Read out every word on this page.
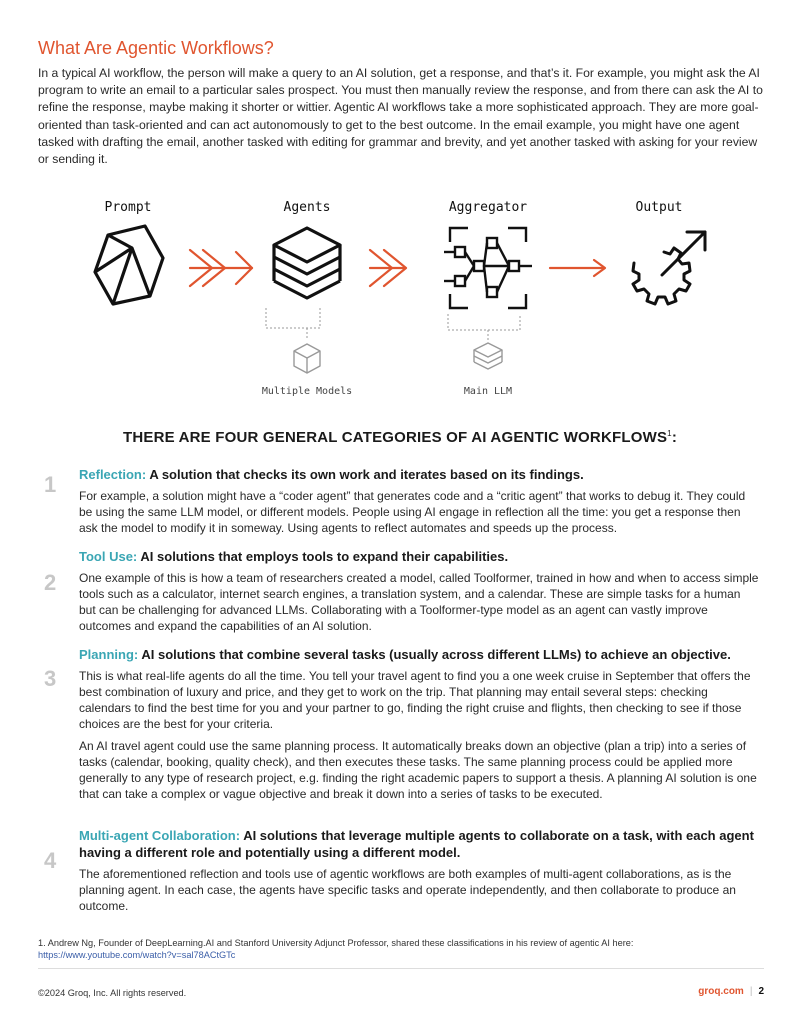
What Are Agentic Workflows?

In a typical AI workflow, the person will make a query to an AI solution, get a response, and that’s it. For example, you might ask the AI program to write an email to a particular sales prospect. You must then manually review the response, and from there can ask the AI to refine the response, maybe making it shorter or wittier. Agentic AI workflows take a more sophisticated approach. They are more goal-oriented than task-oriented and can act autonomously to get to the best outcome. In the email example, you might have one agent tasked with drafting the email, another tasked with editing for grammar and brevity, and yet another tasked with asking for your review or sending it.

Prompt	Agents	Aggregator	Output
Multiple Models	Main LLM
THERE ARE FOUR GENERAL CATEGORIES OF AI AGENTIC WORKFLOWS$^1$:
1 Reflection: A solution that checks its own work and iterates based on its findings.

For example, a solution might have a “coder agent” that generates code and a “critic agent” that works to debug it. They could be using the same LLM model, or different models. People using AI engage in reflection all the time: you get a response then ask the model to modify it in someway. Using agents to reflect automates and speeds up the process.

2
Tool Use: AI solutions that employs tools to expand their capabilities.

One example of this is how a team of researchers created a model, called Toolformer, trained in how and when to access simple tools such as a calculator, internet search engines, a translation system, and a calendar. These are simple tasks for a human but can be challenging for advanced LLMs. Collaborating with a Toolformer-type model as an agent can vastly improve outcomes and expand the capabilities of an AI solution.

3
Planning: AI solutions that combine several tasks (usually across different LLMs) to achieve an objective.

This is what real-life agents do all the time. You tell your travel agent to find you a one week cruise in September that offers the best combination of luxury and price, and they get to work on the trip. That planning may entail several steps: checking calendars to find the best time for you and your partner to go, finding the right cruise and flights, then checking to see if those choices are the best for your criteria.

An AI travel agent could use the same planning process. It automatically breaks down an objective (plan a trip) into a series of tasks (calendar, booking, quality check), and then executes these tasks. The same planning process could be applied more generally to any type of research project, e.g. finding the right academic papers to support a thesis. A planning AI solution is one that can take a complex or vague objective and break it down into a series of tasks to be executed.

4
Multi-agent Collaboration: AI solutions that leverage multiple agents to collaborate on a task, with each agent having a different role and potentially using a different model.

The aforementioned reflection and tools use of agentic workflows are both examples of multi-agent collaborations, as is the planning agent. In each case, the agents have specific tasks and operate independently, and then collaborate to produce an outcome.

1. Andrew Ng, Founder of DeepLearning.AI and Stanford University Adjunct Professor, shared these classifications in his review of agentic AI here:
https://www.youtube.com/watch?v=sal78ACtGTc
©2024 Groq, Inc. All rights reserved.	groq.com | 2
